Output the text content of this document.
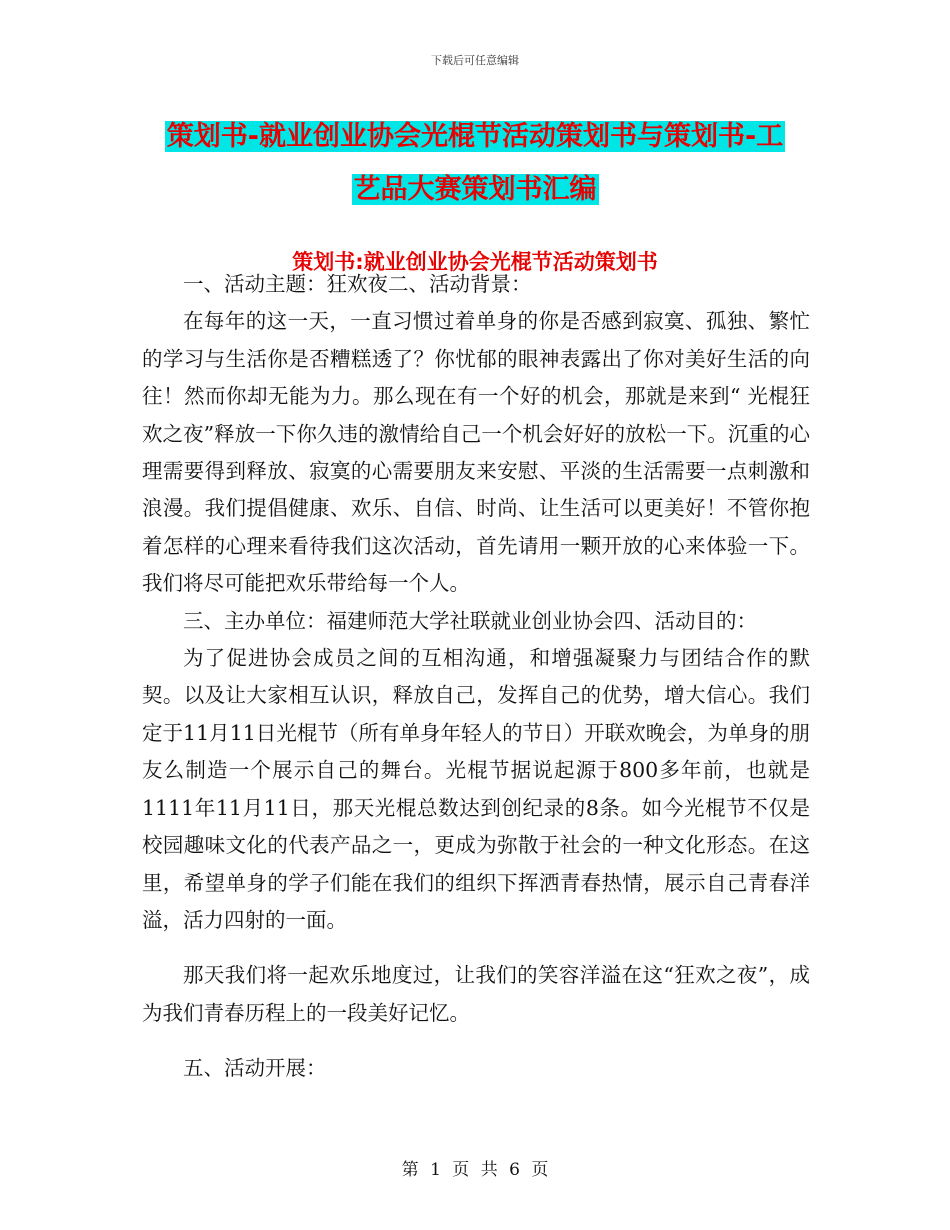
下载后可任意编辑
策划书-就业创业协会光棍节活动策划书与策划书-工
艺品大赛策划书汇编
策划书:就业创业协会光棍节活动策划书

一、活动主题：狂欢夜二、活动背景：

在每年的这一天，一直习惯过着单身的你是否感到寂寞、孤独、繁忙的学习与生活你是否糟糕透了？你忧郁的眼神表露出了你对美好生活的向往！然而你却无能为力。那么现在有一个好的机会，那就是来到“ 光棍狂欢之夜”释放一下你久违的激情给自己一个机会好好的放松一下。沉重的心理需要得到释放、寂寞的心需要朋友来安慰、平淡的生活需要一点刺激和浪漫。我们提倡健康、欢乐、自信、时尚、让生活可以更美好！不管你抱着怎样的心理来看待我们这次活动，首先请用一颗开放的心来体验一下。我们将尽可能把欢乐带给每一个人。

三、主办单位：福建师范大学社联就业创业协会四、活动目的：

为了促进协会成员之间的互相沟通，和增强凝聚力与团结合作的默契。以及让大家相互认识，释放自己，发挥自己的优势，增大信心。我们定于11月11日光棍节（所有单身年轻人的节日）开联欢晚会，为单身的朋友么制造一个展示自己的舞台。光棍节据说起源于800多年前，也就是1111年11月11日，那天光棍总数达到创纪录的8条。如今光棍节不仅是校园趣味文化的代表产品之一，更成为弥散于社会的一种文化形态。在这里，希望单身的学子们能在我们的组织下挥洒青春热情，展示自己青春洋溢，活力四射的一面。

那天我们将一起欢乐地度过，让我们的笑容洋溢在这“狂欢之夜”，成为我们青春历程上的一段美好记忆。

五、活动开展：

第 1 页 共 6 页
